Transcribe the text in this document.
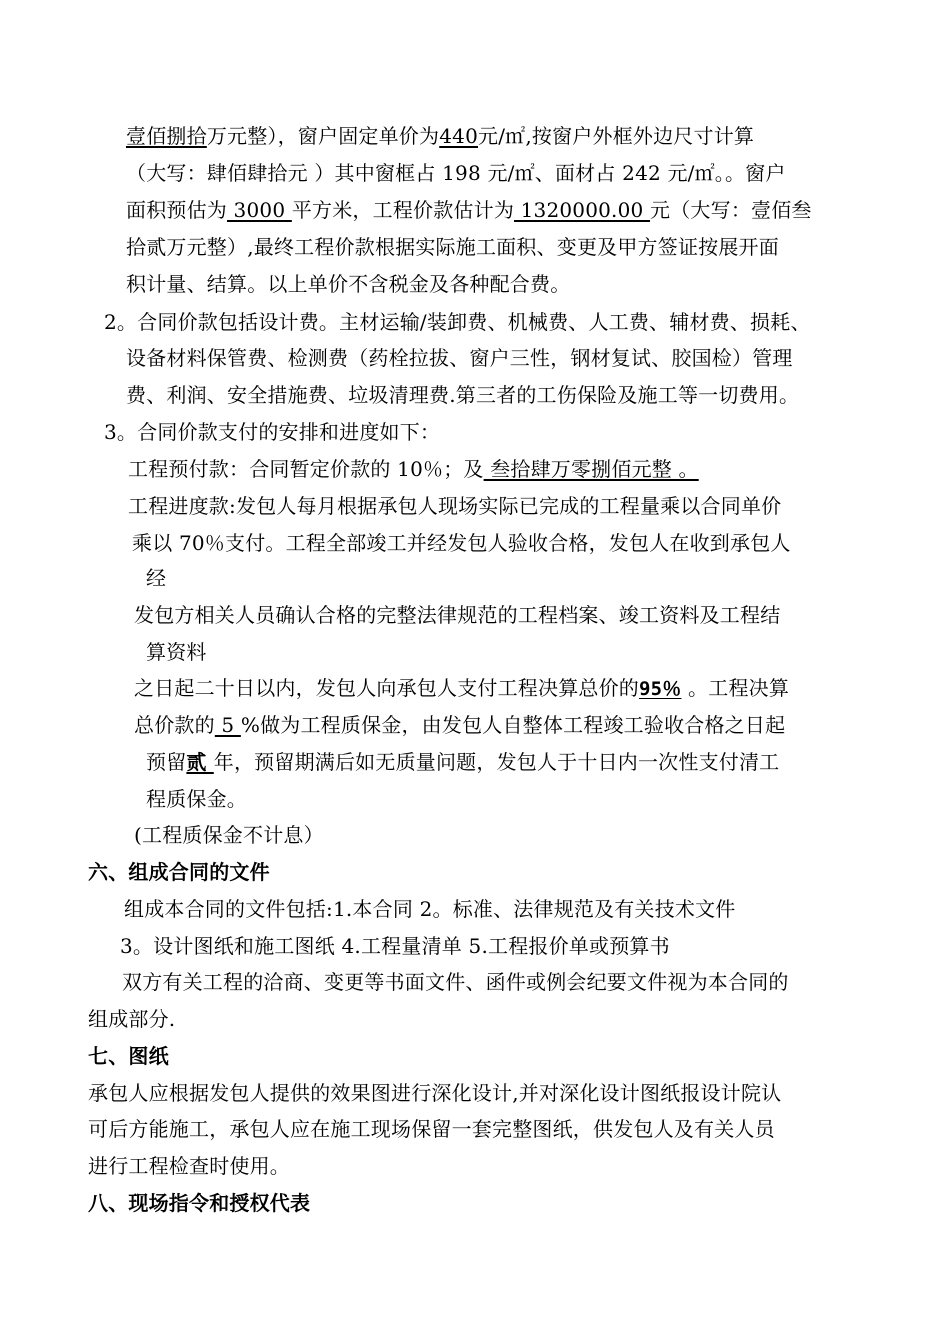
壹佰捌拾万元整），窗户固定单价为440元/㎡,按窗户外框外边尺寸计算
（大写：肆佰肆拾元 ）其中窗框占 198 元/㎡、面材占 242 元/㎡。。窗户
面积预估为 3000 平方米，工程价款估计为 1320000.00 元（大写：壹佰叁
拾贰万元整）,最终工程价款根据实际施工面积、变更及甲方签证按展开面
积计量、结算。以上单价不含税金及各种配合费。
2。合同价款包括设计费。主材运输/装卸费、机械费、人工费、辅材费、损耗、
设备材料保管费、检测费（药栓拉拔、窗户三性，钢材复试、胶国检）管理
费、利润、安全措施费、垃圾清理费.第三者的工伤保险及施工等一切费用。
3。合同价款支付的安排和进度如下：
工程预付款：合同暂定价款的 10％；及 叁拾肆万零捌佰元整 。
工程进度款:发包人每月根据承包人现场实际已完成的工程量乘以合同单价
乘以 70％支付。工程全部竣工并经发包人验收合格，发包人在收到承包人
经
发包方相关人员确认合格的完整法律规范的工程档案、竣工资料及工程结
算资料
之日起二十日以内，发包人向承包人支付工程决算总价的95％ 。工程决算
总价款的 5 %做为工程质保金，由发包人自整体工程竣工验收合格之日起
预留贰 年，预留期满后如无质量问题，发包人于十日内一次性支付清工
程质保金。
(工程质保金不计息）
六、组成合同的文件
组成本合同的文件包括:1.本合同 2。标准、法律规范及有关技术文件
3。设计图纸和施工图纸 4.工程量清单 5.工程报价单或预算书
双方有关工程的洽商、变更等书面文件、函件或例会纪要文件视为本合同的
组成部分.
七、图纸
承包人应根据发包人提供的效果图进行深化设计,并对深化设计图纸报设计院认
可后方能施工，承包人应在施工现场保留一套完整图纸，供发包人及有关人员
进行工程检查时使用。
八、现场指令和授权代表
